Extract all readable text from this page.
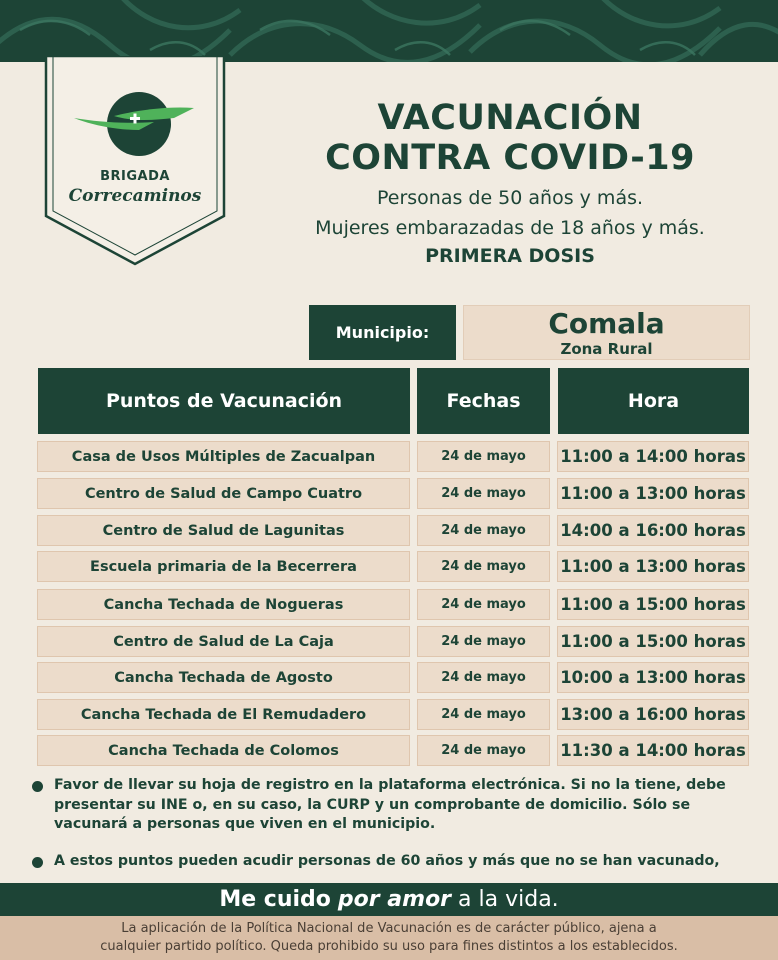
BRIGADA
Correcaminos
VACUNACIÓN
CONTRA COVID-19
Personas de 50 años y más.
Mujeres embarazadas de 18 años y más.
PRIMERA DOSIS
Municipio:	Comala
Zona Rural
Puntos de Vacunación	Fechas	Hora
Casa de Usos Múltiples de Zacualpan	24 de mayo	11:00 a 14:00 horas
Centro de Salud de Campo Cuatro	24 de mayo	11:00 a 13:00 horas
Centro de Salud de Lagunitas	24 de mayo	14:00 a 16:00 horas
Escuela primaria de la Becerrera	24 de mayo	11:00 a 13:00 horas
Cancha Techada de Nogueras	24 de mayo	11:00 a 15:00 horas
Centro de Salud de La Caja	24 de mayo	11:00 a 15:00 horas
Cancha Techada de Agosto	24 de mayo	10:00 a 13:00 horas
Cancha Techada de El Remudadero	24 de mayo	13:00 a 16:00 horas
Cancha Techada de Colomos	24 de mayo	11:30 a 14:00 horas
Favor de llevar su hoja de registro en la plataforma electrónica. Si no la tiene, debe presentar su INE o, en su caso, la CURP y un comprobante de domicilio. Sólo se vacunará a personas que viven en el municipio.
A estos puntos pueden acudir personas de 60 años y más que no se han vacunado,
Me cuido por amor a la vida.
La aplicación de la Política Nacional de Vacunación es de carácter público, ajena a
cualquier partido político. Queda prohibido su uso para fines distintos a los establecidos.
